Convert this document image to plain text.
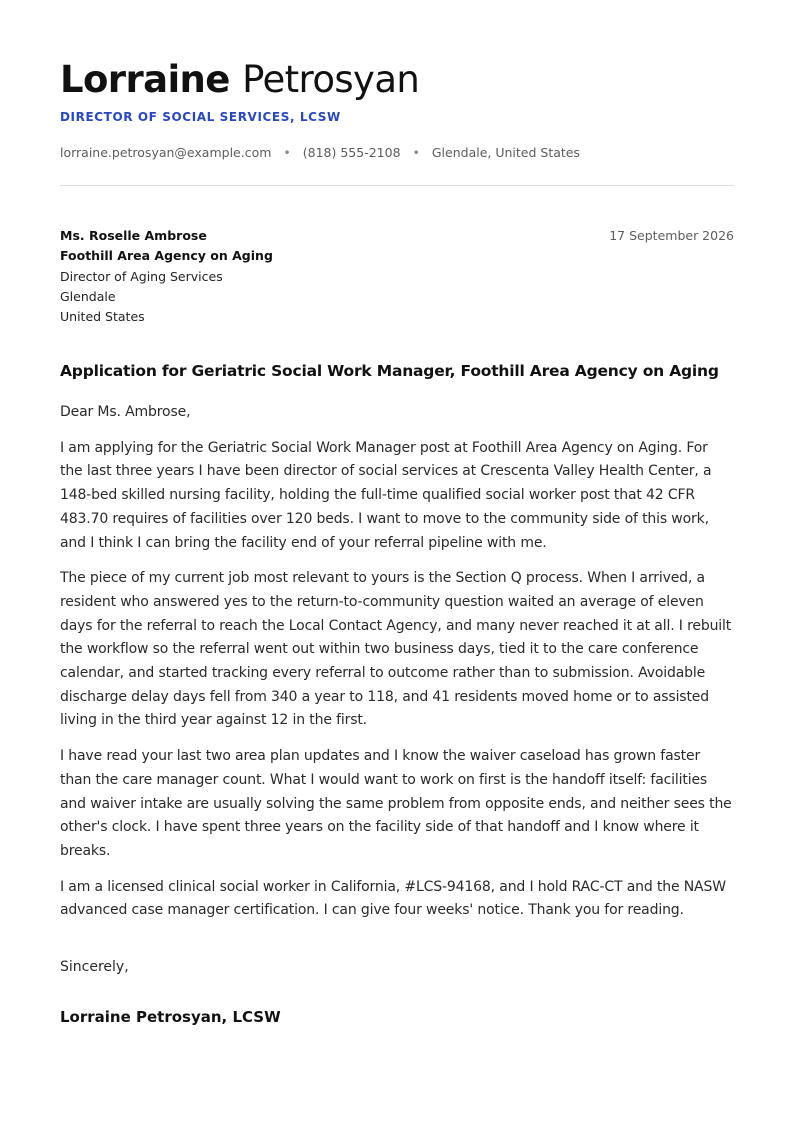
Lorraine Petrosyan
DIRECTOR OF SOCIAL SERVICES, LCSW
lorraine.petrosyan@example.com • (818) 555-2108 • Glendale, United States
Ms. Roselle Ambrose
Foothill Area Agency on Aging
Director of Aging Services
Glendale
United States
17 September 2026
Application for Geriatric Social Work Manager, Foothill Area Agency on Aging

Dear Ms. Ambrose,

I am applying for the Geriatric Social Work Manager post at Foothill Area Agency on Aging. For the last three years I have been director of social services at Crescenta Valley Health Center, a 148-bed skilled nursing facility, holding the full-time qualified social worker post that 42 CFR 483.70 requires of facilities over 120 beds. I want to move to the community side of this work, and I think I can bring the facility end of your referral pipeline with me.

The piece of my current job most relevant to yours is the Section Q process. When I arrived, a resident who answered yes to the return-to-community question waited an average of eleven days for the referral to reach the Local Contact Agency, and many never reached it at all. I rebuilt the workflow so the referral went out within two business days, tied it to the care conference calendar, and started tracking every referral to outcome rather than to submission. Avoidable discharge delay days fell from 340 a year to 118, and 41 residents moved home or to assisted living in the third year against 12 in the first.

I have read your last two area plan updates and I know the waiver caseload has grown faster than the care manager count. What I would want to work on first is the handoff itself: facilities and waiver intake are usually solving the same problem from opposite ends, and neither sees the other's clock. I have spent three years on the facility side of that handoff and I know where it breaks.

I am a licensed clinical social worker in California, #LCS-94168, and I hold RAC-CT and the NASW advanced case manager certification. I can give four weeks' notice. Thank you for reading.

Sincerely,
Lorraine Petrosyan, LCSW
